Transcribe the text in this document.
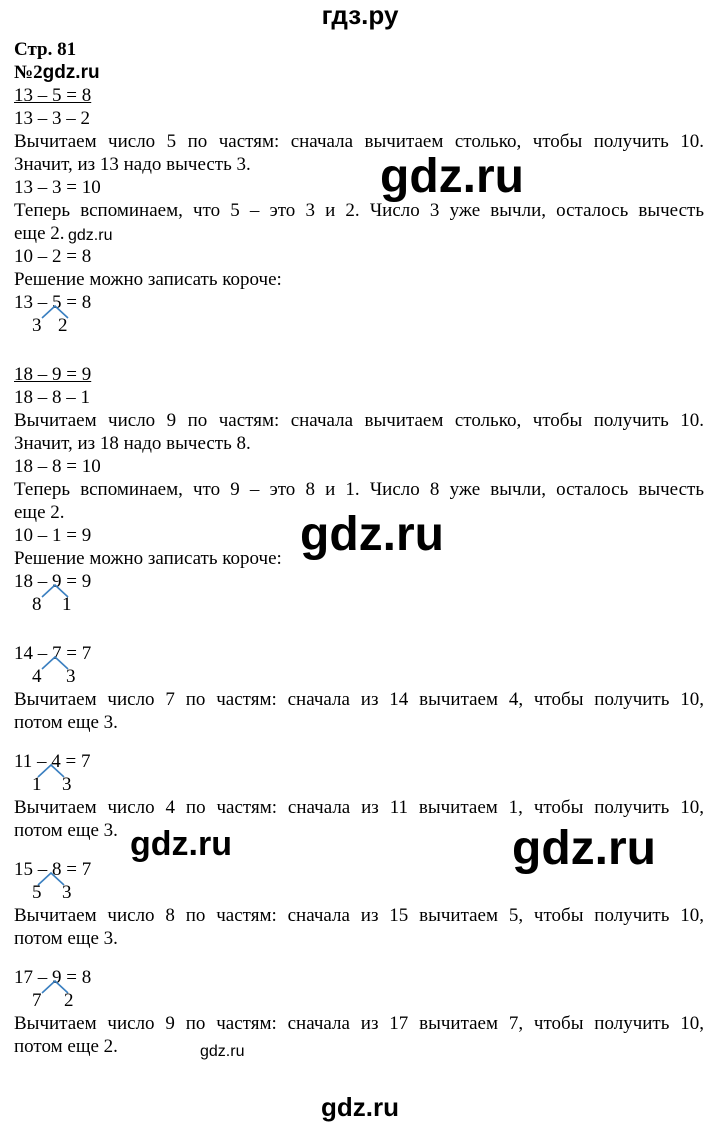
гдз.ру
Стр. 81
№2gdz.ru
13 – 5 = 8
13 – 3 – 2
Вычитаем число 5 по частям: сначала вычитаем столько, чтобы получить 10.
Значит, из 13 надо вычесть 3.
13 – 3 = 10
Теперь вспоминаем, что 5 – это 3 и 2. Число 3 уже вычли, осталось вычесть
еще 2.
10 – 2 = 8
Решение можно записать короче:
13 – 5 = 8
3 2
18 – 9 = 9
18 – 8 – 1
Вычитаем число 9 по частям: сначала вычитаем столько, чтобы получить 10.
Значит, из 18 надо вычесть 8.
18 – 8 = 10
Теперь вспоминаем, что 9 – это 8 и 1. Число 8 уже вычли, осталось вычесть
еще 2.
10 – 1 = 9
Решение можно записать короче:
18 – 9 = 9
8 1
14 – 7 = 7
4 3
Вычитаем число 7 по частям: сначала из 14 вычитаем 4, чтобы получить 10,
потом еще 3.
11 – 4 = 7
1 3
Вычитаем число 4 по частям: сначала из 11 вычитаем 1, чтобы получить 10,
потом еще 3.
15 – 8 = 7
5 3
Вычитаем число 8 по частям: сначала из 15 вычитаем 5, чтобы получить 10,
потом еще 3.
17 – 9 = 8
7 2
Вычитаем число 9 по частям: сначала из 17 вычитаем 7, чтобы получить 10,
потом еще 2.
gdz.ru
gdz.ru
gdz.ru
gdz.ru	gdz.ru
gdz.ru
gdz.ru
